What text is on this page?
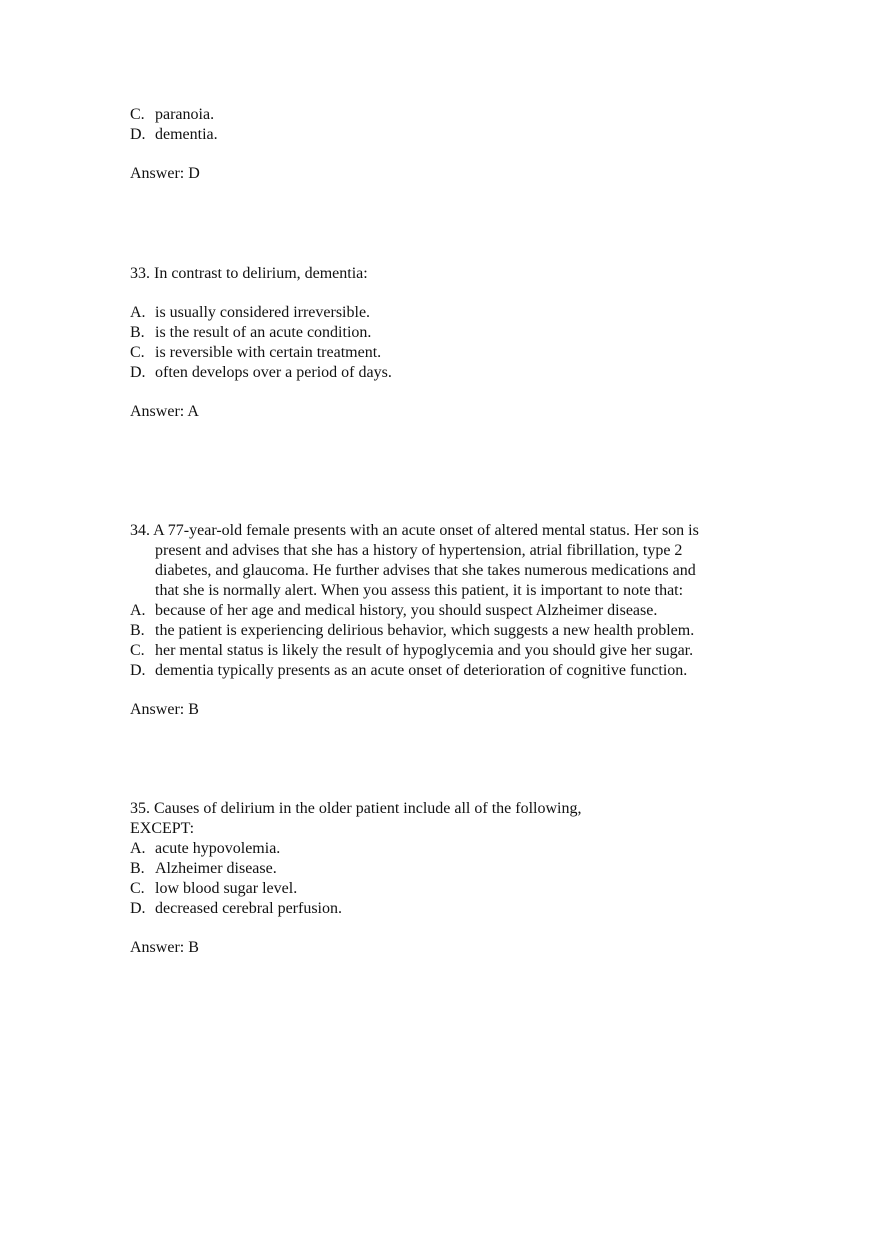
C. paranoia.
D. dementia.
Answer: D
33. In contrast to delirium, dementia:
A. is usually considered irreversible.
B. is the result of an acute condition.
C. is reversible with certain treatment.
D. often develops over a period of days.
Answer: A
34. A 77-year-old female presents with an acute onset of altered mental status. Her son is
present and advises that she has a history of hypertension, atrial fibrillation, type 2
diabetes, and glaucoma. He further advises that she takes numerous medications and
that she is normally alert. When you assess this patient, it is important to note that:
A. because of her age and medical history, you should suspect Alzheimer disease.
B. the patient is experiencing delirious behavior, which suggests a new health problem.
C. her mental status is likely the result of hypoglycemia and you should give her sugar.
D. dementia typically presents as an acute onset of deterioration of cognitive function.
Answer: B
35. Causes of delirium in the older patient include all of the following,
EXCEPT:
A. acute hypovolemia.
B. Alzheimer disease.
C. low blood sugar level.
D. decreased cerebral perfusion.
Answer: B
